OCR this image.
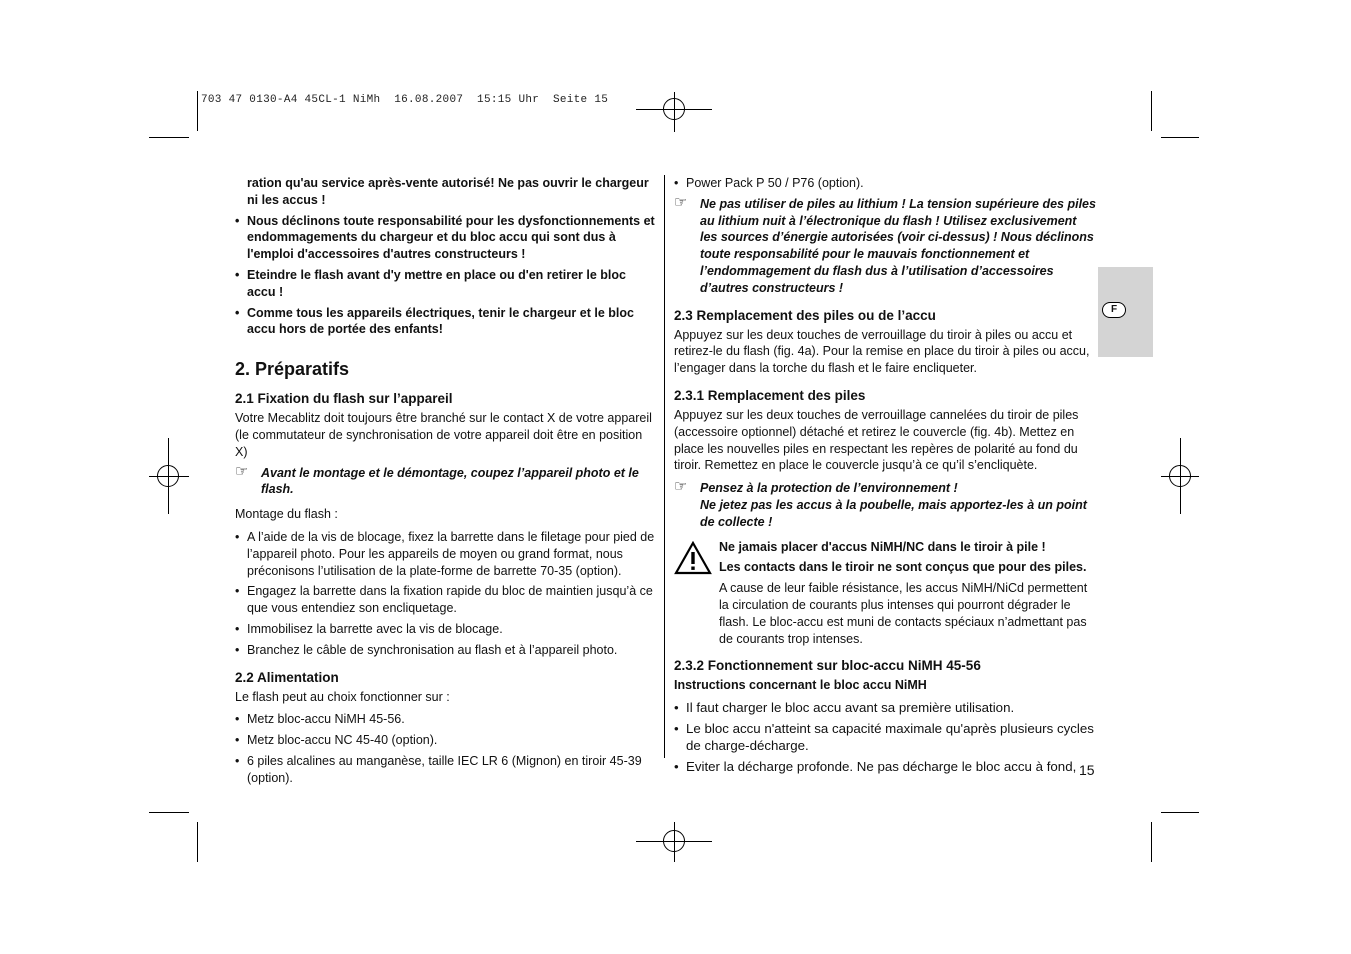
703 47 0130-A4 45CL-1 NiMh  16.08.2007  15:15 Uhr  Seite 15

ration qu'au service après-vente autorisé! Ne pas ouvrir le chargeur ni les accus !

• Nous déclinons toute responsabilité pour les dysfonctionnements et endommagements du chargeur et du bloc accu qui sont dus à l'emploi d'accessoires d'autres constructeurs !
• Eteindre le flash avant d'y mettre en place ou d'en retirer le bloc accu !
• Comme tous les appareils électriques, tenir le chargeur et le bloc accu hors de portée des enfants!
2. Préparatifs
2.1 Fixation du flash sur l’appareil

Votre Mecablitz doit toujours être branché sur le contact X de votre appareil (le commutateur de synchronisation de votre appareil doit être en position X)

☞ Avant le montage et le démontage, coupez l’appareil photo et le flash.

Montage du flash :

• A l’aide de la vis de blocage, fixez la barrette dans le filetage pour pied de l’appareil photo. Pour les appareils de moyen ou grand format, nous préconisons l’utilisation de la plate-forme de barrette 70-35 (option).
• Engagez la barrette dans la fixation rapide du bloc de maintien jusqu’à ce que vous entendiez son encliquetage.
• Immobilisez la barrette avec la vis de blocage.
• Branchez le câble de synchronisation au flash et à l’appareil photo.
2.2 Alimentation

Le flash peut au choix fonctionner sur :

• Metz bloc-accu NiMH 45-56.
• Metz bloc-accu NC 45-40 (option).
• 6 piles alcalines au manganèse, taille IEC LR 6 (Mignon) en tiroir 45-39 (option).
• Power Pack P 50 / P76 (option).
☞ Ne pas utiliser de piles au lithium ! La tension supérieure des piles au lithium nuit à l’électronique du flash ! Utilisez exclusivement les sources d’énergie autorisées (voir ci-dessus) ! Nous déclinons toute responsabilité pour le mauvais fonctionnement et l’endommagement du flash dus à l’utilisation d’accessoires d’autres constructeurs !
2.3 Remplacement des piles ou de l’accu

Appuyez sur les deux touches de verrouillage du tiroir à piles ou accu et retirez-le du flash (fig. 4a). Pour la remise en place du tiroir à piles ou accu, l’engager dans la torche du flash et le faire encliqueter.

2.3.1 Remplacement des piles

Appuyez sur les deux touches de verrouillage cannelées du tiroir de piles (accessoire optionnel) détaché et retirez le couvercle (fig. 4b). Mettez en place les nouvelles piles en respectant les repères de polarité au fond du tiroir. Remettez en place le couvercle jusqu’à ce qu’il s’encliquète.

☞ Pensez à la protection de l’environnement !
Ne jetez pas les accus à la poubelle, mais apportez-les à un point de collecte !

Ne jamais placer d'accus NiMH/NC dans le tiroir à pile !

Les contacts dans le tiroir ne sont conçus que pour des piles.

A cause de leur faible résistance, les accus NiMH/NiCd permettent la circulation de courants plus intenses qui pourront dégrader le flash. Le bloc-accu est muni de contacts spéciaux n’admettant pas de courants trop intenses.

2.3.2 Fonctionnement sur bloc-accu NiMH 45-56

Instructions concernant le bloc accu NiMH

• Il faut charger le bloc accu avant sa première utilisation.
• Le bloc accu n'atteint sa capacité maximale qu'après plusieurs cycles de charge-décharge.
• Eviter la décharge profonde. Ne pas décharge le bloc accu à fond,
F
15
